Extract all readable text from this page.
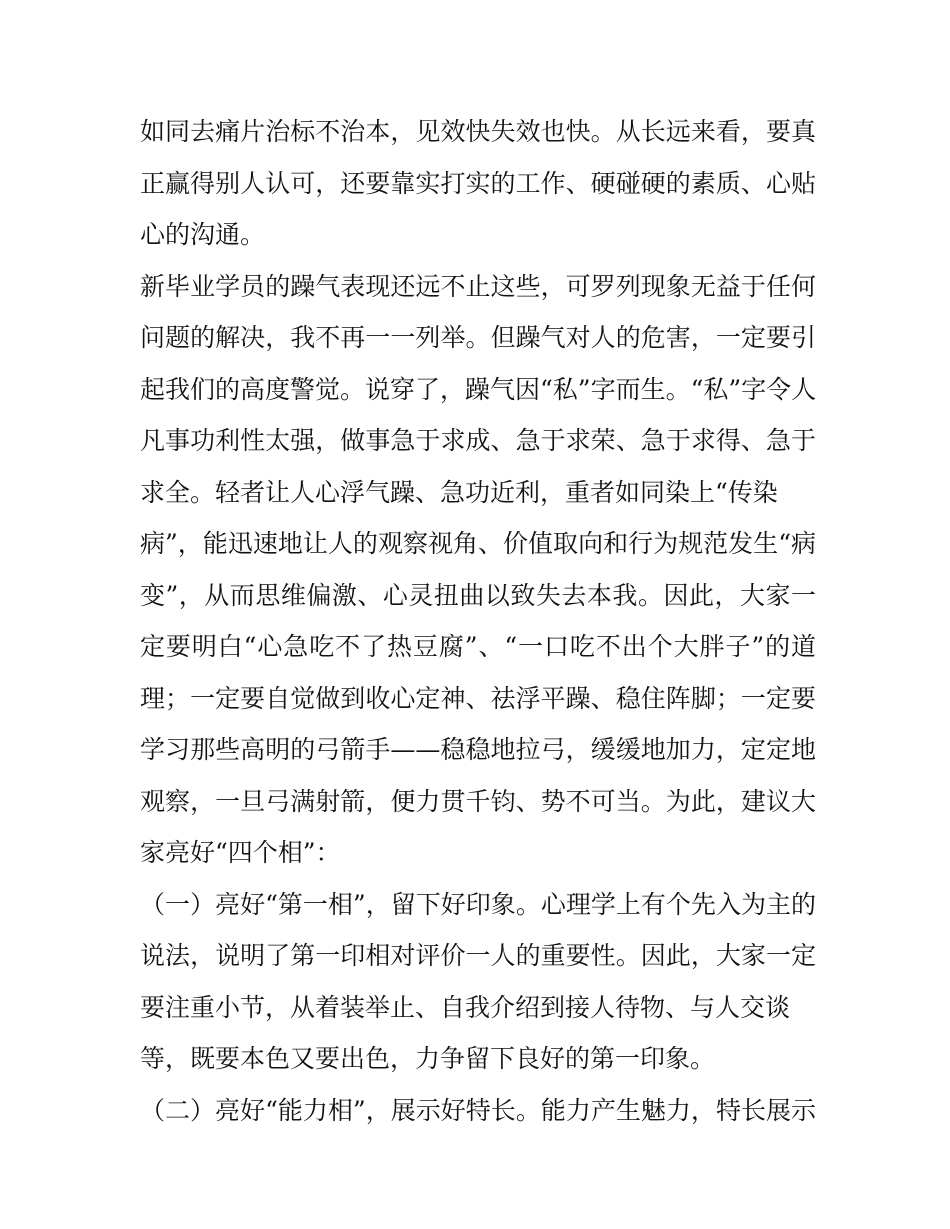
如同去痛片治标不治本，见效快失效也快。从长远来看，要真
正赢得别人认可，还要靠实打实的工作、硬碰硬的素质、心贴
心的沟通。
新毕业学员的躁气表现还远不止这些，可罗列现象无益于任何
问题的解决，我不再一一列举。但躁气对人的危害，一定要引
起我们的高度警觉。说穿了，躁气因“私”字而生。“私”字令人
凡事功利性太强，做事急于求成、急于求荣、急于求得、急于
求全。轻者让人心浮气躁、急功近利，重者如同染上“传染
病”，能迅速地让人的观察视角、价值取向和行为规范发生“病
变”，从而思维偏激、心灵扭曲以致失去本我。因此，大家一
定要明白“心急吃不了热豆腐”、“一口吃不出个大胖子”的道
理；一定要自觉做到收心定神、祛浮平躁、稳住阵脚；一定要
学习那些高明的弓箭手——稳稳地拉弓，缓缓地加力，定定地
观察，一旦弓满射箭，便力贯千钧、势不可当。为此，建议大
家亮好“四个相”：
（一）亮好“第一相”，留下好印象。心理学上有个先入为主的
说法，说明了第一印相对评价一人的重要性。因此，大家一定
要注重小节，从着装举止、自我介绍到接人待物、与人交谈
等，既要本色又要出色，力争留下良好的第一印象。
（二）亮好“能力相”，展示好特长。能力产生魅力，特长展示
